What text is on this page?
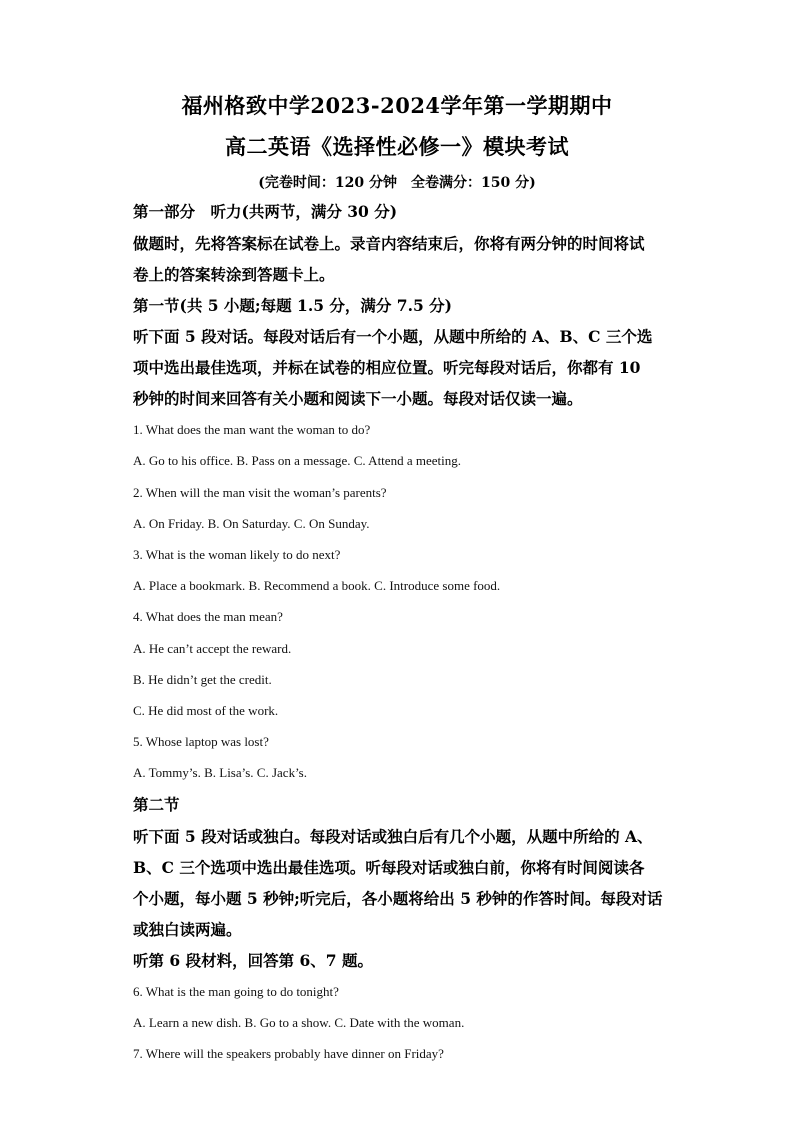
福州格致中学2023-2024学年第一学期期中
高二英语《选择性必修一》模块考试
(完卷时间：120 分钟　全卷满分：150 分)
第一部分　听力(共两节，满分 30 分)
做题时，先将答案标在试卷上。录音内容结束后，你将有两分钟的时间将试
卷上的答案转涂到答题卡上。
第一节(共 5 小题;每题 1.5 分，满分 7.5 分)
听下面 5 段对话。每段对话后有一个小题，从题中所给的 A、B、C 三个选
项中选出最佳选项，并标在试卷的相应位置。听完每段对话后，你都有 10
秒钟的时间来回答有关小题和阅读下一小题。每段对话仅读一遍。
1. What does the man want the woman to do?
A. Go to his office. B. Pass on a message. C. Attend a meeting.
2. When will the man visit the woman’s parents?
A. On Friday. B. On Saturday. C. On Sunday.
3. What is the woman likely to do next?
A. Place a bookmark. B. Recommend a book. C. Introduce some food.
4. What does the man mean?
A. He can’t accept the reward.
B. He didn’t get the credit.
C. He did most of the work.
5. Whose laptop was lost?
A. Tommy’s. B. Lisa’s. C. Jack’s.
第二节
听下面 5 段对话或独白。每段对话或独白后有几个小题，从题中所给的 A、
B、C 三个选项中选出最佳选项。听每段对话或独白前，你将有时间阅读各
个小题，每小题 5 秒钟;听完后，各小题将给出 5 秒钟的作答时间。每段对话
或独白读两遍。
听第 6 段材料，回答第 6、7 题。
6. What is the man going to do tonight?
A. Learn a new dish. B. Go to a show. C. Date with the woman.
7. Where will the speakers probably have dinner on Friday?
